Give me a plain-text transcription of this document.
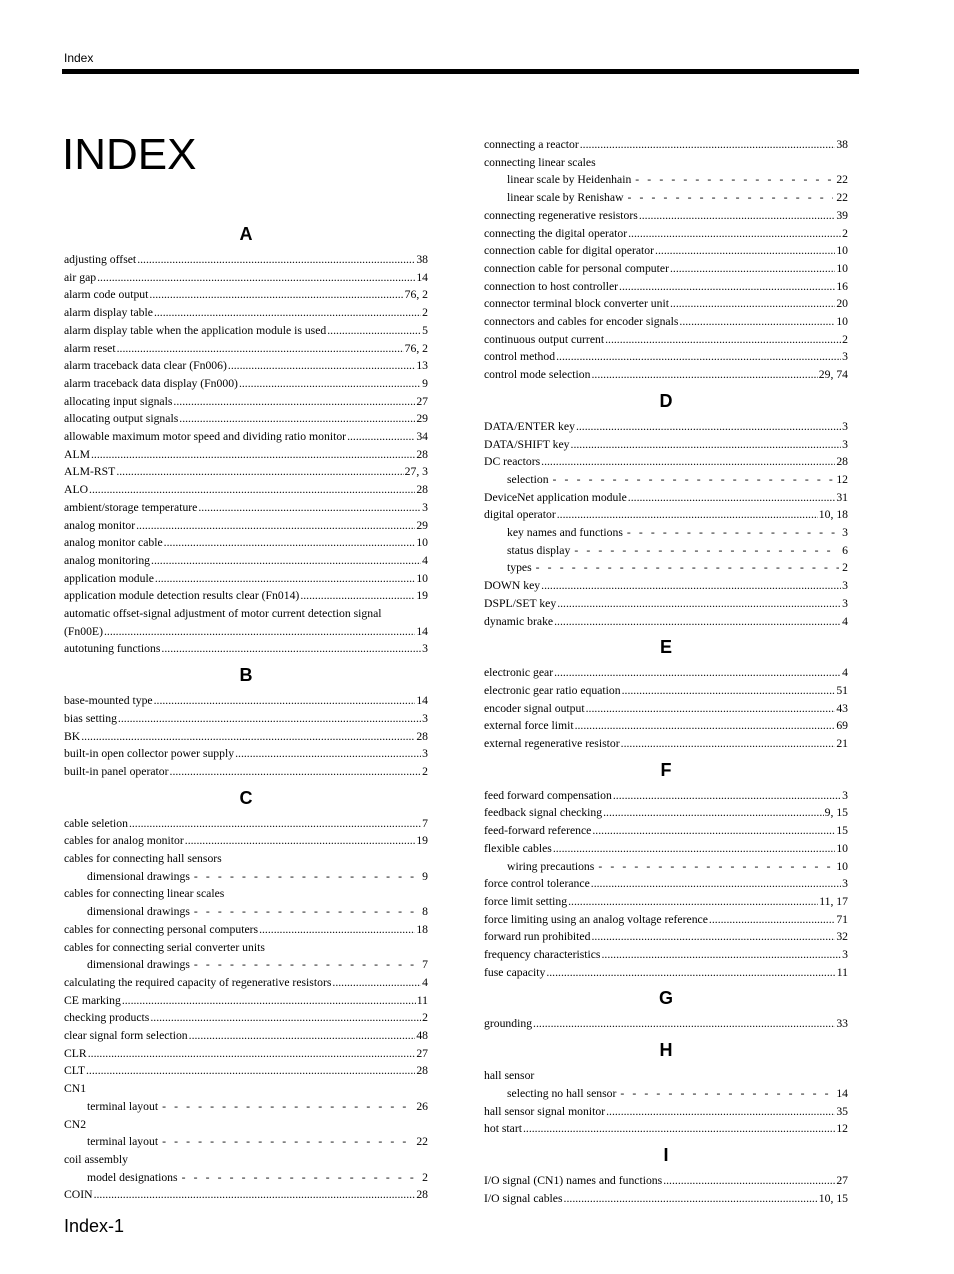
Index
INDEX
A
adjusting offset .....	38
air gap .....	14
alarm code output .....	76, 2
alarm display table .....	2
alarm display table when the application module is used .....	5
alarm reset .....	76, 2
alarm traceback data clear (Fn006) .....	13
alarm traceback data display (Fn000) .....	9
allocating input signals .....	27
allocating output signals .....	29
allowable maximum motor speed and dividing ratio monitor .....	34
ALM .....	28
ALM-RST .....	27, 3
ALO .....	28
ambient/storage temperature .....	3
analog monitor .....	29
analog monitor cable .....	10
analog monitoring .....	4
application module .....	10
application module detection results clear (Fn014) .....	19
automatic offset-signal adjustment of motor current detection signal
(Fn00E) .....	14
autotuning functions .....	3
B
base-mounted type .....	14
bias setting .....	3
BK .....	28
built-in open collector power supply .....	3
built-in panel operator .....	2
C
cable seletion .....	7
cables for analog monitor .....	19
cables for connecting hall sensors
dimensional drawings - - -	9
cables for connecting linear scales
dimensional drawings - - -	8
cables for connecting personal computers .....	18
cables for connecting serial converter units
dimensional drawings - - -	7
calculating the required capacity of regenerative resistors .....	4
CE marking .....	11
checking products .....	2
clear signal form selection .....	48
CLR .....	27
CLT .....	28
CN1
terminal layout - - -	26
CN2
terminal layout - - -	22
coil assembly
model designations - - -	2
COIN .....	28
connecting a reactor .....	38
connecting linear scales
linear scale by Heidenhain - - -	22
linear scale by Renishaw - - -	22
connecting regenerative resistors .....	39
connecting the digital operator .....	2
connection cable for digital operator .....	10
connection cable for personal computer .....	10
connection to host controller .....	16
connector terminal block converter unit .....	20
connectors and cables for encoder signals .....	10
continuous output current .....	2
control method .....	3
control mode selection .....	29, 74
D
DATA/ENTER key .....	3
DATA/SHIFT key .....	3
DC reactors .....	28
selection - - -	12
DeviceNet application module .....	31
digital operator .....	10, 18
key names and functions - - -	3
status display - - -	6
types - - -	2
DOWN key .....	3
DSPL/SET key .....	3
dynamic brake .....	4
E
electronic gear .....	4
electronic gear ratio equation .....	51
encoder signal output .....	43
external force limit .....	69
external regenerative resistor .....	21
F
feed forward compensation .....	3
feedback signal checking .....	9, 15
feed-forward reference .....	15
flexible cables .....	10
wiring precautions - - -	10
force control tolerance .....	3
force limit setting .....	11, 17
force limiting using an analog voltage reference .....	71
forward run prohibited .....	32
frequency characteristics .....	3
fuse capacity .....	11
G
grounding .....	33
H
hall sensor
selecting no hall sensor - - -	14
hall sensor signal monitor .....	35
hot start .....	12
I
I/O signal (CN1) names and functions .....	27
I/O signal cables .....	10, 15
Index-1
